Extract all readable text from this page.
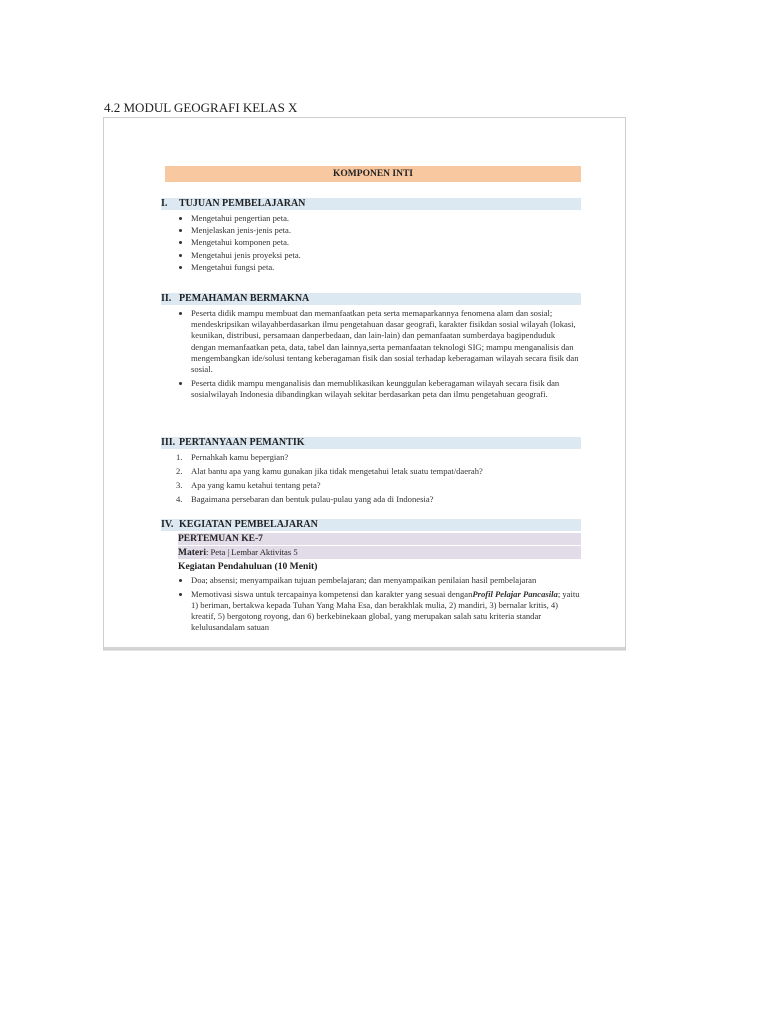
4.2 MODUL GEOGRAFI KELAS X
KOMPONEN INTI
I. TUJUAN PEMBELAJARAN
Mengetahui pengertian peta.
Menjelaskan jenis-jenis peta.
Mengetahui komponen peta.
Mengetahui jenis proyeksi peta.
Mengetahui fungsi peta.
II. PEMAHAMAN BERMAKNA
Peserta didik mampu membuat dan memanfaatkan peta serta memaparkannya fenomena alam dan sosial; mendeskripsikan wilayahberdasarkan ilmu pengetahuan dasar geografi, karakter fisikdan sosial wilayah (lokasi, keunikan, distribusi, persamaan danperbedaan, dan lain-lain) dan pemanfaatan sumberdaya bagipenduduk dengan memanfaatkan peta, data, tabel dan lainnya,serta pemanfaatan teknologi SIG; mampu menganalisis dan mengembangkan ide/solusi tentang keberagaman fisik dan sosial terhadap keberagaman wilayah secara fisik dan sosial.
Peserta didik mampu menganalisis dan memublikasikan keunggulan keberagaman wilayah secara fisik dan sosialwilayah Indonesia dibandingkan wilayah sekitar berdasarkan peta dan ilmu pengetahuan geografi.
III. PERTANYAAN PEMANTIK
1. Pernahkah kamu bepergian?
2. Alat bantu apa yang kamu gunakan jika tidak mengetahui letak suatu tempat/daerah?
3. Apa yang kamu ketahui tentang peta?
4. Bagaimana persebaran dan bentuk pulau-pulau yang ada di Indonesia?
IV. KEGIATAN PEMBELAJARAN
PERTEMUAN KE-7
Materi: Peta | Lembar Aktivitas 5
Kegiatan Pendahuluan (10 Menit)
Doa; absensi; menyampaikan tujuan pembelajaran; dan menyampaikan penilaian hasil pembelajaran
Memotivasi siswa untuk tercapainya kompetensi dan karakter yang sesuai denganProfil Pelajar Pancasila; yaitu 1) beriman, bertakwa kepada Tuhan Yang Maha Esa, dan berakhlak mulia, 2) mandiri, 3) bernalar kritis, 4) kreatif, 5) bergotong royong, dan 6) berkebinekaan global, yang merupakan salah satu kriteria standar kelulusandalam satuan
